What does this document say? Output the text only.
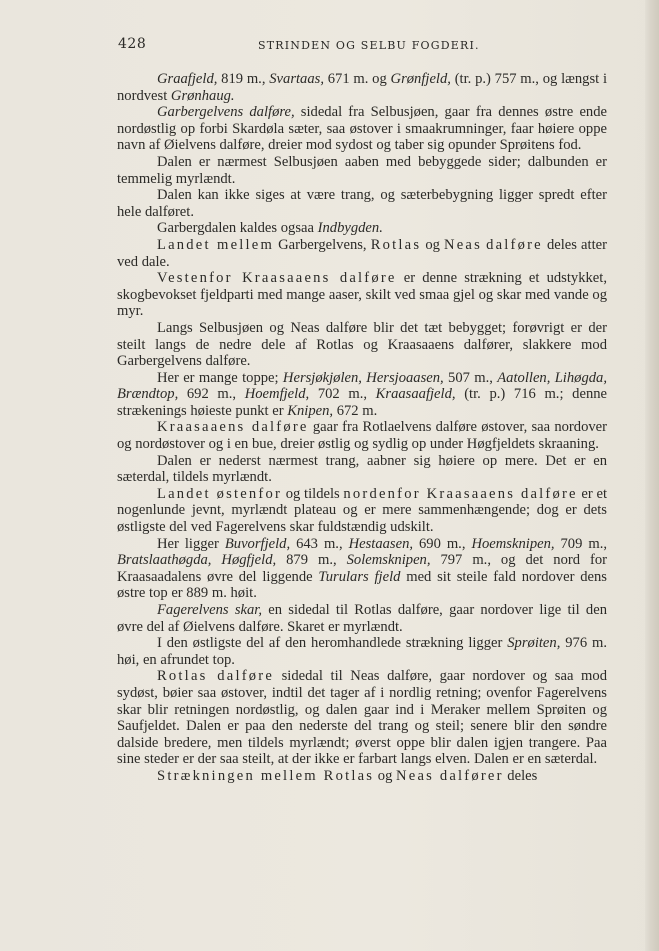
428	STRINDEN OG SELBU FOGDERI.

Graafjeld, 819 m., Svartaas, 671 m. og Grønfjeld, (tr. p.) 757 m., og længst i nordvest Grønhaug.

Garbergelvens dalføre, sidedal fra Selbusjøen, gaar fra dennes østre ende nordøstlig op forbi Skardøla sæter, saa østover i smaakrumninger, faar høiere oppe navn af Øielvens dalføre, dreier mod sydost og taber sig opunder Sprøitens fod.

Dalen er nærmest Selbusjøen aaben med bebyggede sider; dalbunden er temmelig myrlændt.

Dalen kan ikke siges at være trang, og sæterbebygning ligger spredt efter hele dalføret.

Garbergdalen kaldes ogsaa Indbygden.

Landet mellem Garbergelvens, Rotlas og Neas dalføre deles atter ved dale.

Vestenfor Kraasaaens dalføre er denne strækning et udstykket, skogbevokset fjeldparti med mange aaser, skilt ved smaa gjel og skar med vande og myr.

Langs Selbusjøen og Neas dalføre blir det tæt bebygget; forøvrigt er der steilt langs de nedre dele af Rotlas og Kraasaaens dalfører, slakkere mod Garbergelvens dalføre.

Her er mange toppe; Hersjøkjølen, Hersjoaasen, 507 m., Aatollen, Lihøgda, Brændtop, 692 m., Hoemfjeld, 702 m., Kraasaafjeld, (tr. p.) 716 m.; denne strækenings høieste punkt er Knipen, 672 m.

Kraasaaens dalføre gaar fra Rotlaelvens dalføre østover, saa nordover og nordøstover og i en bue, dreier østlig og sydlig op under Høgfjeldets skraaning.

Dalen er nederst nærmest trang, aabner sig høiere op mere. Det er en sæterdal, tildels myrlændt.

Landet østenfor og tildels nordenfor Kraasaaens dalføre er et nogenlunde jevnt, myrlændt plateau og er mere sammenhængende; dog er dets østligste del ved Fagerelvens skar fuldstændig udskilt.

Her ligger Buvorfjeld, 643 m., Hestaasen, 690 m., Hoemsknipen, 709 m., Bratslaathøgda, Høgfjeld, 879 m., Solemsknipen, 797 m., og det nord for Kraasaadalens øvre del liggende Turulars fjeld med sit steile fald nordover dens østre top er 889 m. høit.

Fagerelvens skar, en sidedal til Rotlas dalføre, gaar nordover lige til den øvre del af Øielvens dalføre. Skaret er myrlændt.

I den østligste del af den heromhandlede strækning ligger Sprøiten, 976 m. høi, en afrundet top.

Rotlas dalføre sidedal til Neas dalføre, gaar nordover og saa mod sydøst, bøier saa østover, indtil det tager af i nordlig retning; ovenfor Fagerelvens skar blir retningen nordøstlig, og dalen gaar ind i Meraker mellem Sprøiten og Saufjeldet. Dalen er paa den nederste del trang og steil; senere blir den søndre dalside bredere, men tildels myrlændt; øverst oppe blir dalen igjen trangere. Paa sine steder er der saa steilt, at der ikke er farbart langs elven. Dalen er en sæterdal.

Strækningen mellem Rotlas og Neas dalfører deles
